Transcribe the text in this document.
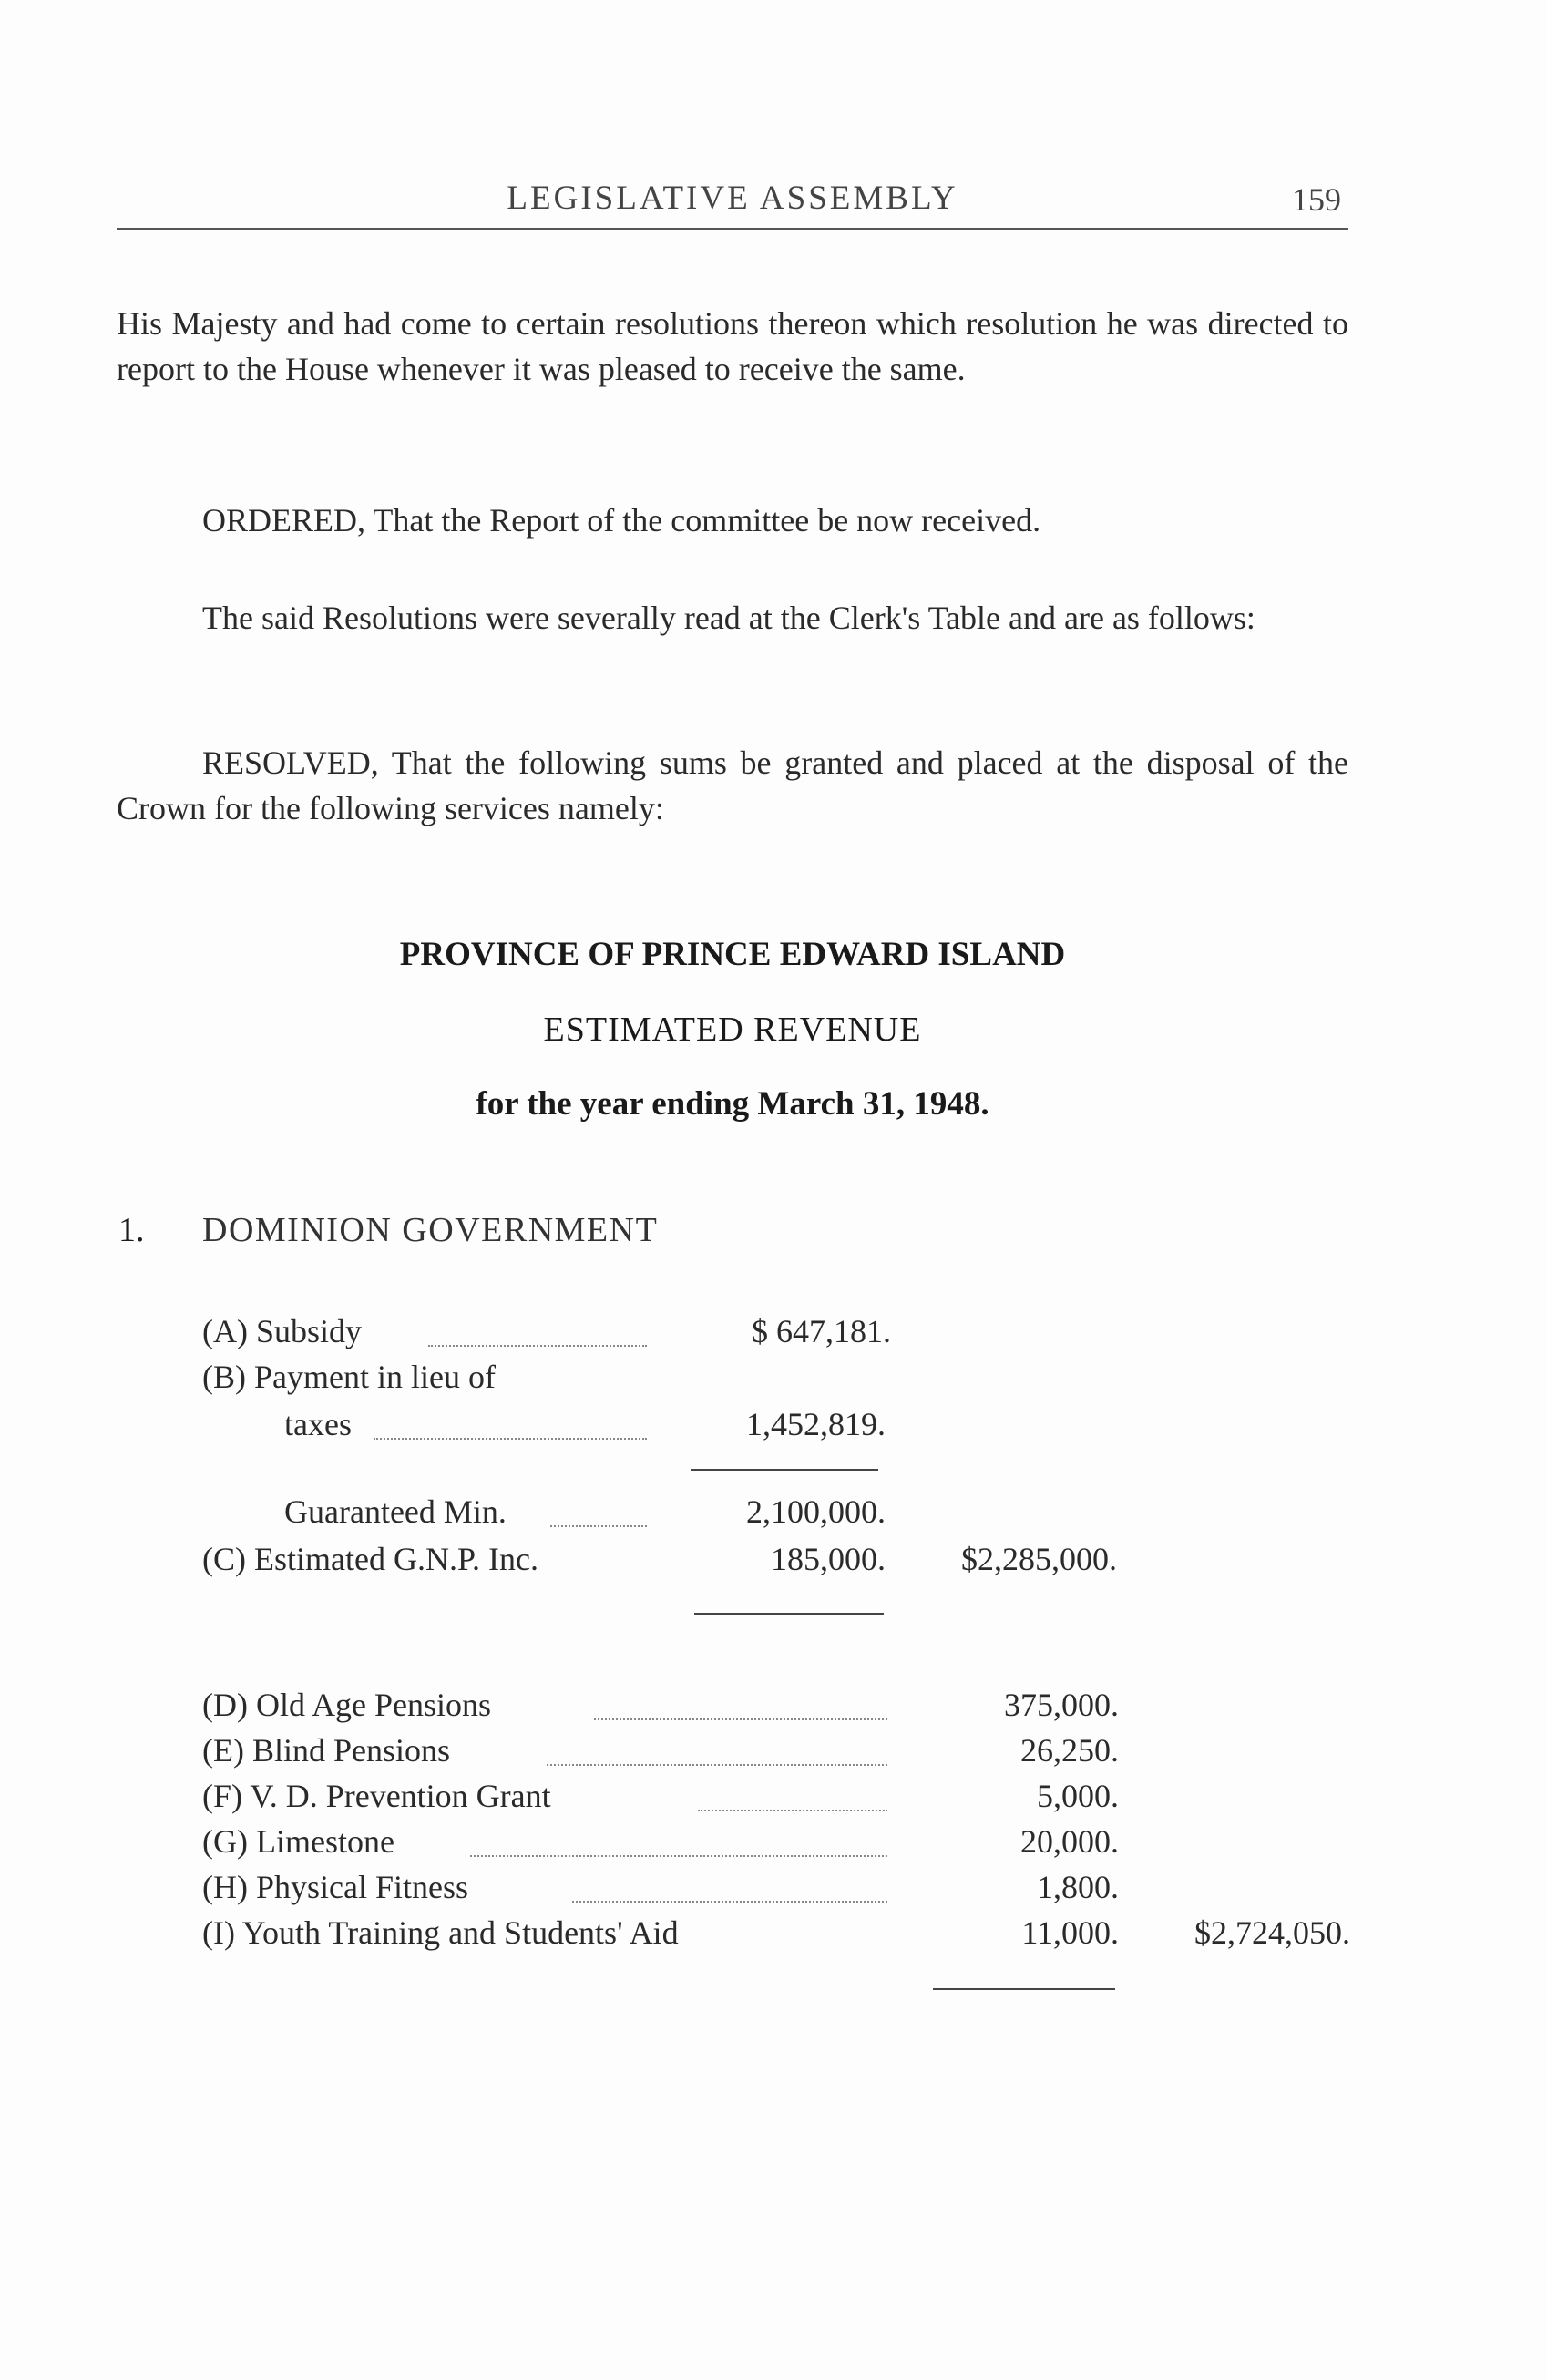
LEGISLATIVE ASSEMBLY	159

His Majesty and had come to certain resolutions thereon which resolution he was directed to report to the House whenever it was pleased to receive the same.

ORDERED, That the Report of the committee be now received.

The said Resolutions were severally read at the Clerk's Table and are as follows:

RESOLVED, That the following sums be granted and placed at the disposal of the Crown for the following services namely:

PROVINCE OF PRINCE EDWARD ISLAND

ESTIMATED REVENUE

for the year ending March 31, 1948.

1. DOMINION GOVERNMENT
(A) Subsidy	$ 647,181.
(B) Payment in lieu of
taxes	1,452,819.
Guaranteed Min.	2,100,000.
(C) Estimated G.N.P. Inc.	185,000.	$2,285,000.
(D) Old Age Pensions	375,000.
(E) Blind Pensions	26,250.
(F) V. D. Prevention Grant	5,000.
(G) Limestone	20,000.
(H) Physical Fitness	1,800.
(I) Youth Training and Students' Aid	11,000.	$2,724,050.
